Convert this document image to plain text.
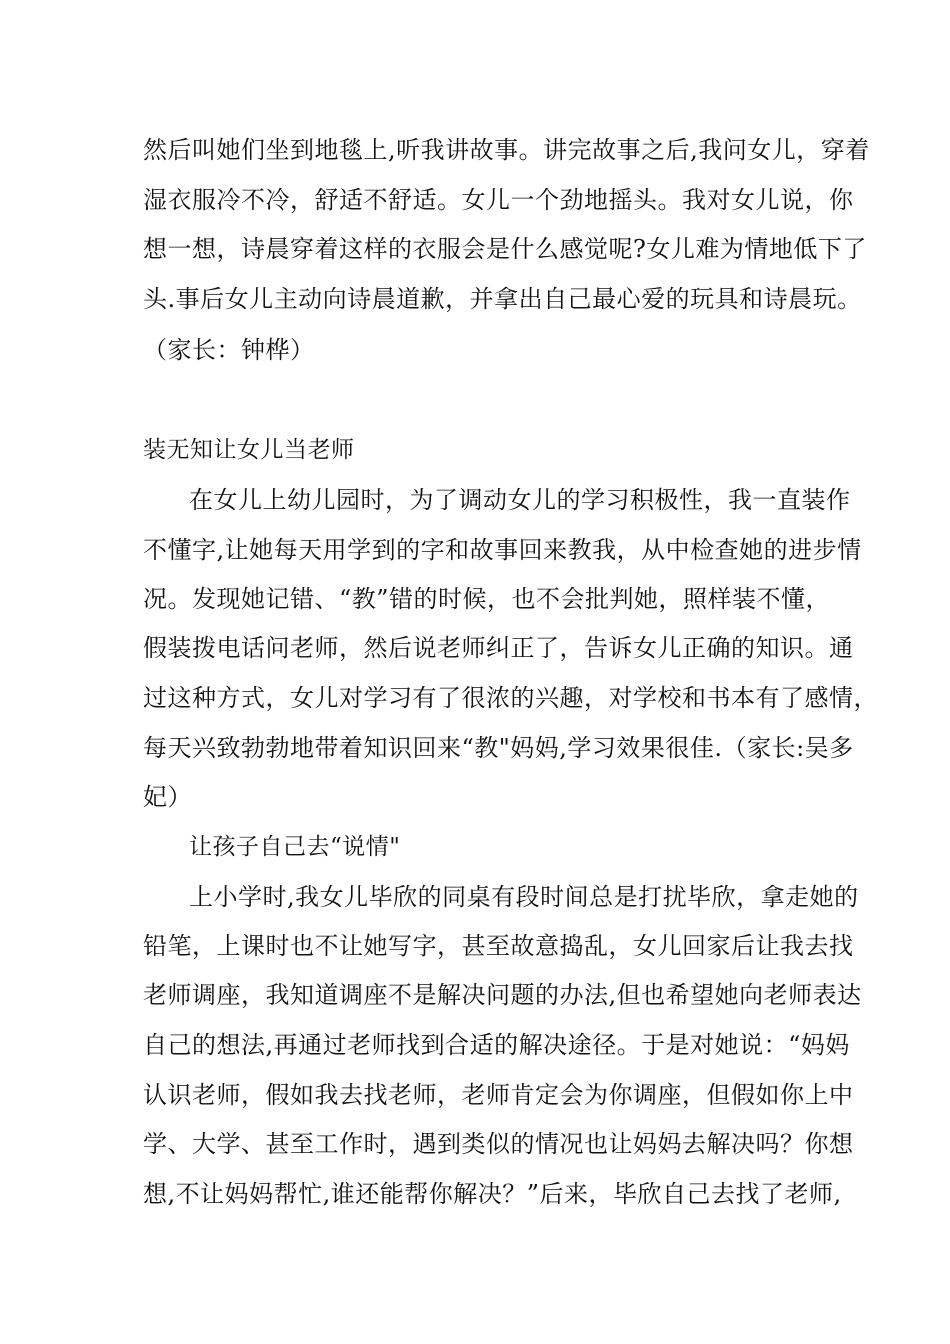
然后叫她们坐到地毯上,听我讲故事。讲完故事之后,我问女儿，穿着
湿衣服冷不冷，舒适不舒适。女儿一个劲地摇头。我对女儿说，你
想一想，诗晨穿着这样的衣服会是什么感觉呢?女儿难为情地低下了
头.事后女儿主动向诗晨道歉，并拿出自己最心爱的玩具和诗晨玩。
（家长：钟桦）
装无知让女儿当老师
在女儿上幼儿园时，为了调动女儿的学习积极性，我一直装作
不懂字,让她每天用学到的字和故事回来教我，从中检查她的进步情
况。发现她记错、“教”错的时候，也不会批判她，照样装不懂，
假装拨电话问老师，然后说老师纠正了，告诉女儿正确的知识。通
过这种方式，女儿对学习有了很浓的兴趣，对学校和书本有了感情，
每天兴致勃勃地带着知识回来“教"妈妈,学习效果很佳.（家长:吴多
妃）
让孩子自己去“说情"
上小学时,我女儿毕欣的同桌有段时间总是打扰毕欣，拿走她的
铅笔，上课时也不让她写字，甚至故意捣乱，女儿回家后让我去找
老师调座，我知道调座不是解决问题的办法,但也希望她向老师表达
自己的想法,再通过老师找到合适的解决途径。于是对她说：“妈妈
认识老师，假如我去找老师，老师肯定会为你调座，但假如你上中
学、大学、甚至工作时，遇到类似的情况也让妈妈去解决吗？你想
想,不让妈妈帮忙,谁还能帮你解决？”后来，毕欣自己去找了老师,
